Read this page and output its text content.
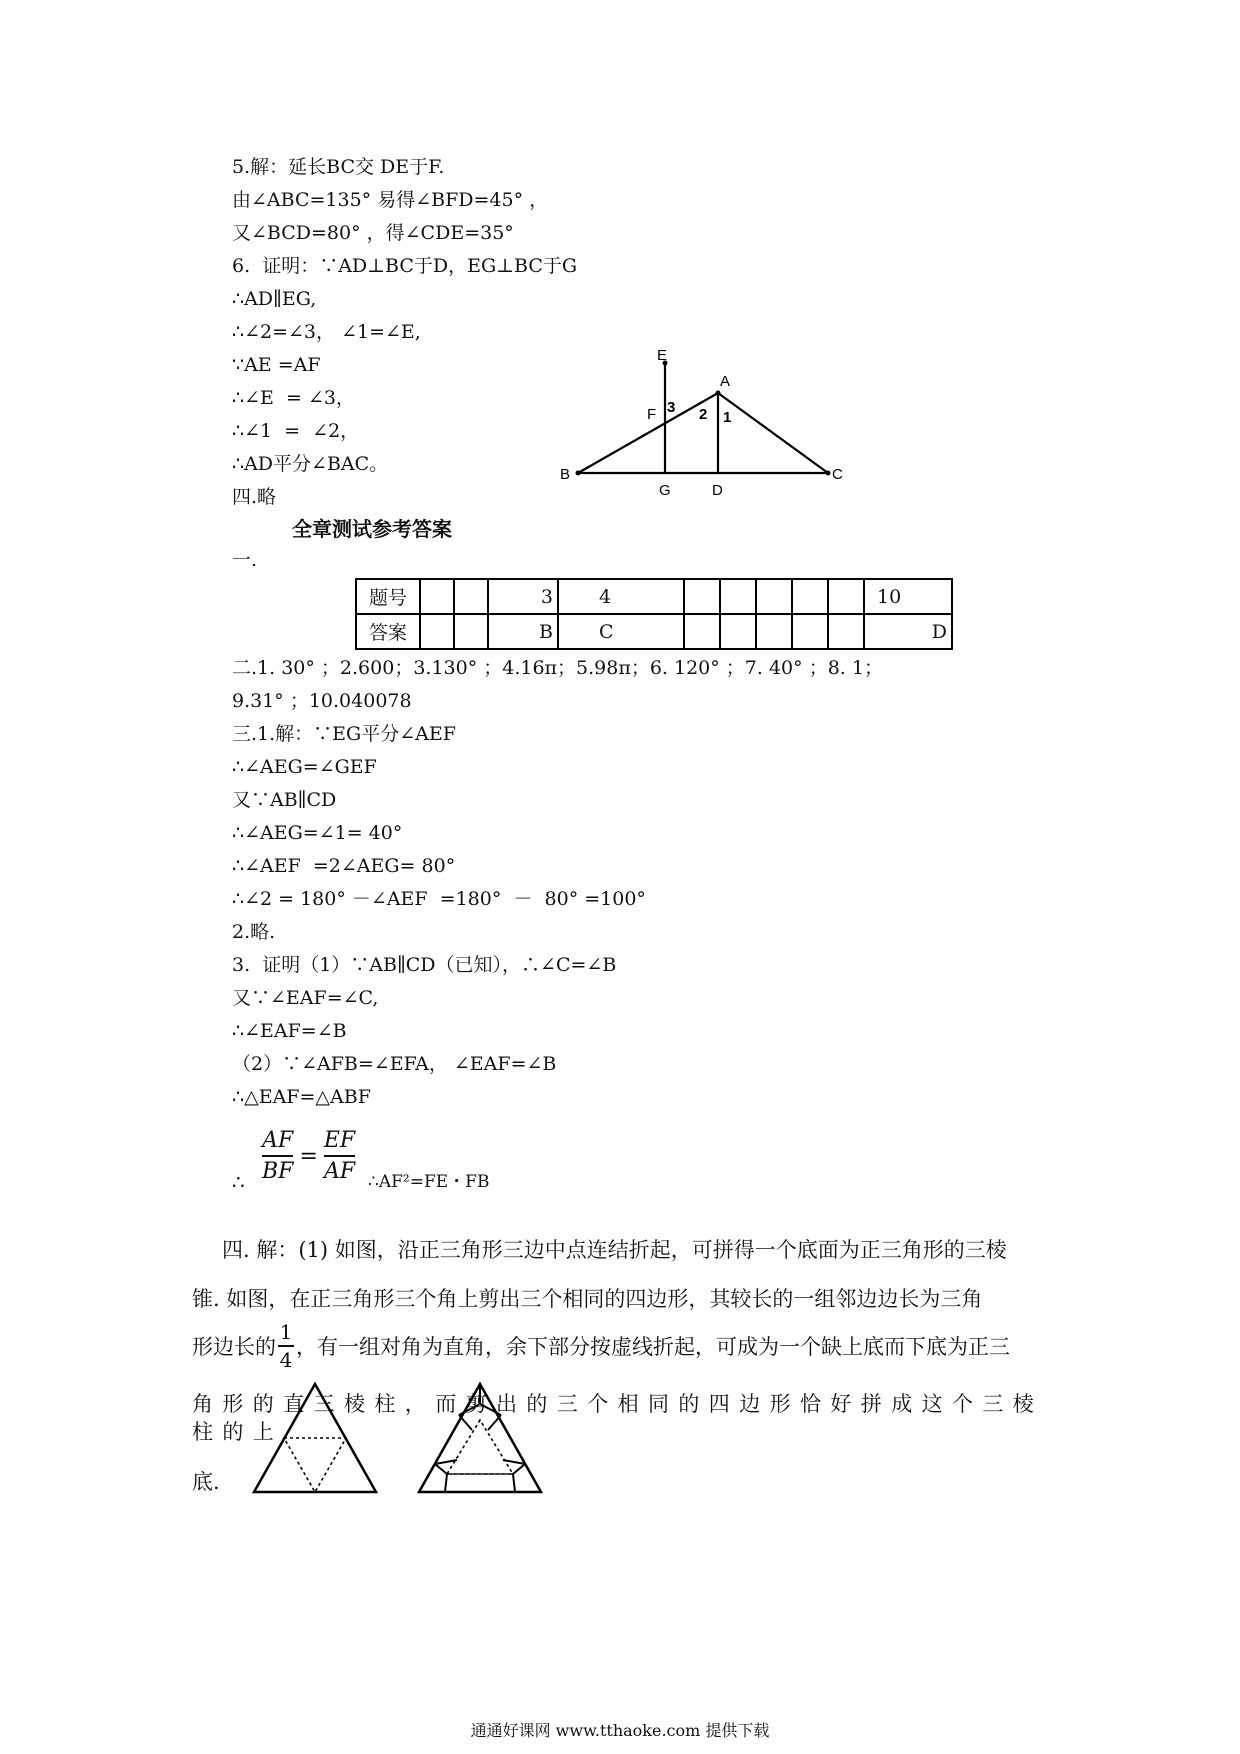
5.解：延长BC交 DE于F.
由∠ABC=135° 易得∠BFD=45° ，
又∠BCD=80° ，得∠CDE=35°
6.  证明：∵AD⊥BC于D，EG⊥BC于G
∴AD∥EG,
∴∠2=∠3， ∠1=∠E,
∵AE =AF
∴∠E  = ∠3，
∴∠1  =  ∠2，
∴AD平分∠BAC。
四.略
E
A
F 3 2 1
B
G	D
C
全章测试参考答案
一.
题号			3	4						10
答案			B	C						D
二.1. 30° ；2.600；3.130° ；4.16π；5.98π；6. 120° ；7. 40° ；8. 1；
9.31° ；10.040078
三.1.解：∵EG平分∠AEF
∴∠AEG=∠GEF
又∵AB∥CD
∴∠AEG=∠1= 40°
∴∠AEF  =2∠AEG= 80°
∴∠2 = 180° －∠AEF  =180°  －  80° =100°
2.略.
3.  证明（1）∵AB∥CD（已知），∴∠C=∠B
又∵∠EAF=∠C,
∴∠EAF=∠B
（2）∵∠AFB=∠EFA， ∠EAF=∠B
∴△EAF=△ABF
AF
BF
=
EF
AF
∴	∴AF²=FE・FB
四. 解：(1) 如图，沿正三角形三边中点连结折起，可拼得一个底面为正三角形的三棱
锥. 如图，在正三角形三个角上剪出三个相同的四边形，其较长的一组邻边边长为三角
形边长的
1
4
，有一组对角为直角，余下部分按虚线折起，可成为一个缺上底而下底为正三
角形的直三棱柱，而剪出的三个相同的四边形恰好拼成这个三棱柱的上
底.
通通好课网 www.tthaoke.com 提供下载
